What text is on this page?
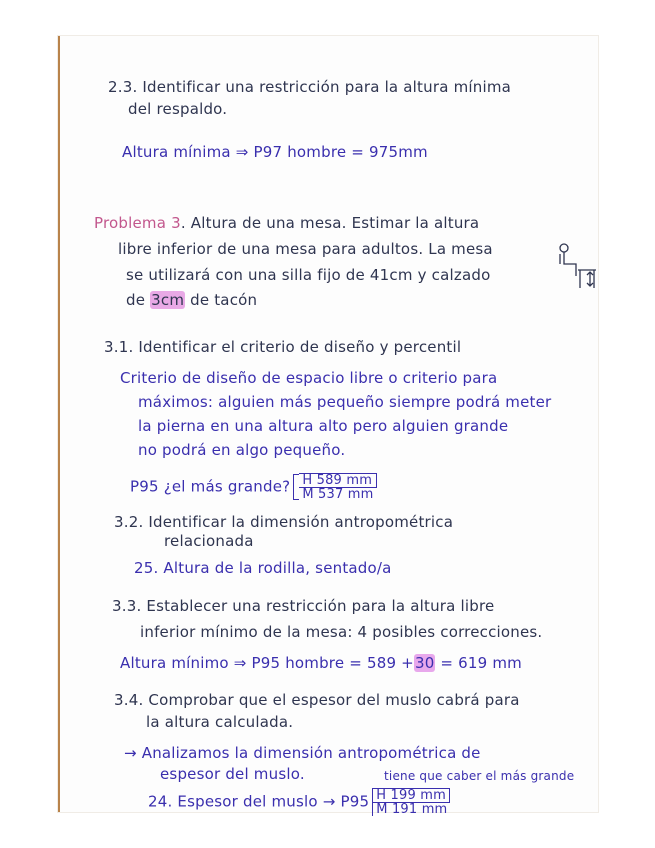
2.3. Identificar una restricción para la altura mínima
del respaldo.
Altura mínima ⇒ P97 hombre = 975mm
Problema 3. Altura de una mesa. Estimar la altura
libre inferior de una mesa para adultos. La mesa
se utilizará con una silla fijo de 41cm y calzado
de 3cm de tacón
3.1. Identificar el criterio de diseño y percentil
Criterio de diseño de espacio libre o criterio para
máximos: alguien más pequeño siempre podrá meter
la pierna en una altura alto pero alguien grande
no podrá en algo pequeño.
P95 ¿el más grande? $\frac{H 589 mm}{M 537 mm}$
3.2. Identificar la dimensión antropométrica
relacionada
25. Altura de la rodilla, sentado/a
3.3. Establecer una restricción para la altura libre
inferior mínimo de la mesa: 4 posibles correcciones.
Altura mínimo ⇒ P95 hombre = 589 +30 = 619 mm
3.4. Comprobar que el espesor del muslo cabrá para
la altura calculada.
→ Analizamos la dimensión antropométrica de
espesor del muslo.	tiene que caber el más grande
24. Espesor del muslo → $P95 \frac{H 199 mm}{M 191 mm}$
